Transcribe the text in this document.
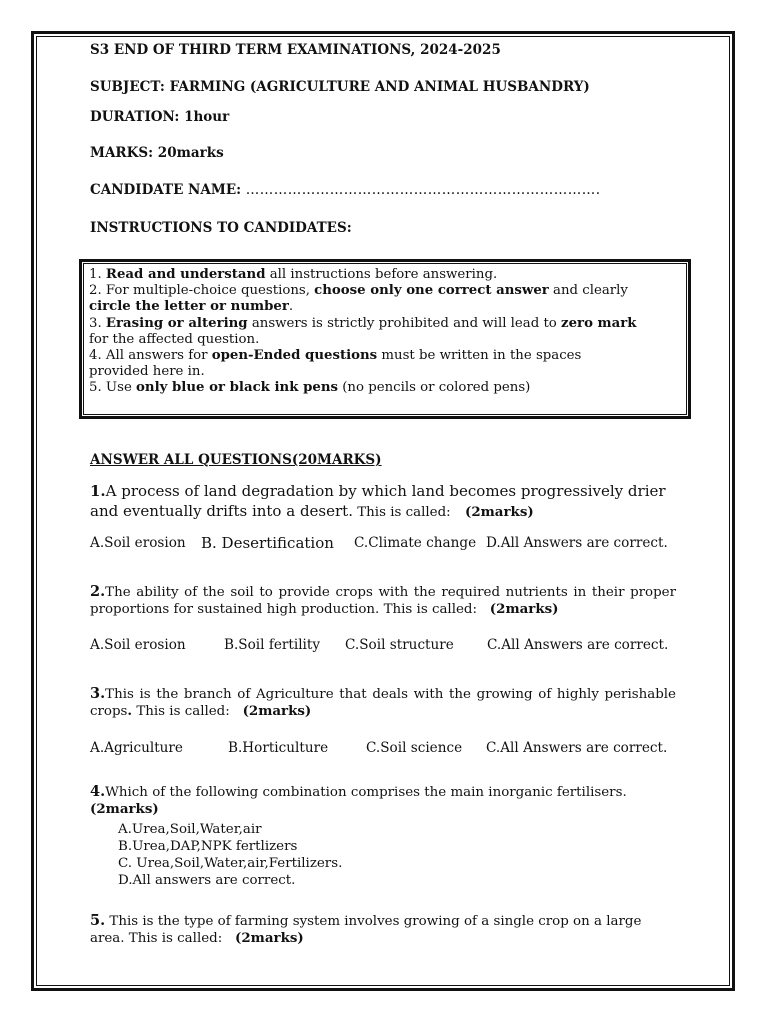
S3 END OF THIRD TERM EXAMINATIONS, 2024-2025
SUBJECT: FARMING (AGRICULTURE AND ANIMAL HUSBANDRY)
DURATION: 1hour
MARKS: 20marks
CANDIDATE NAME: ………………………………………………………………….
INSTRUCTIONS TO CANDIDATES:

1. Read and understand all instructions before answering.

2. For multiple-choice questions, choose only one correct answer and clearly

circle the letter or number.

3. Erasing or altering answers is strictly prohibited and will lead to zero mark

for the affected question.

4. All answers for open-Ended questions must be written in the spaces

provided here in.

5. Use only blue or black ink pens (no pencils or colored pens)

ANSWER ALL QUESTIONS(20MARKS)
1.A process of land degradation by which land becomes progressively drier and eventually drifts into a desert. This is called: (2marks)
A.Soil erosion B. Desertification C.Climate change D.All Answers are correct.
2.The ability of the soil to provide crops with the required nutrients in their proper proportions for sustained high production. This is called: (2marks)
A.Soil erosion	B.Soil fertility C.Soil structure C.All Answers are correct.
3.This is the branch of Agriculture that deals with the growing of highly perishable crops. This is called: (2marks)
A.Agriculture	B.Horticulture	C.Soil science C.All Answers are correct.
4.Which of the following combination comprises the main inorganic fertilisers.
(2marks)
A.Urea,Soil,Water,air
B.Urea,DAP,NPK fertlizers
C. Urea,Soil,Water,air,Fertilizers.
D.All answers are correct.
5. This is the type of farming system involves growing of a single crop on a large area. This is called: (2marks)
